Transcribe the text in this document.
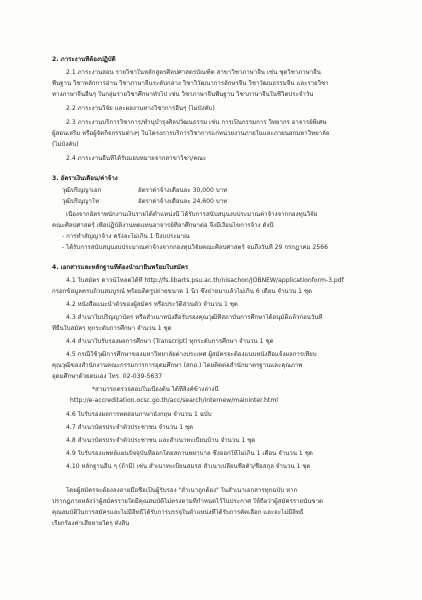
2. ภาระงานที่ต้องปฏิบัติ
2.1 ภาระงานสอน รายวิชาในหลักสูตรศิลปศาสตรบัณฑิต สาขาวิชาภาษาจีน เช่น ชุดวิชาภาษาจีน
พื้นฐาน วิชาหลักการอ่าน วิชาภาษาจีนระดับกลาง วิชาวิวัฒนาการอักษรจีน วิชาวัฒนธรรมจีน และรายวิชา
ทางภาษาจีนอื่นๆ ในกลุ่มรายวิชาศึกษาทั่วไป เช่น วิชาภาษาจีนพื้นฐาน วิชาภาษาจีนในชีวิตประจำวัน
2.2 ภาระงานวิจัย และผลงานทางวิชาการอื่นๆ (ไม่บังคับ)
2.3 ภาระงานบริการวิชาการ/ทำนุบำรุงศิลปวัฒนธรรม เช่น การเป็นกรรมการ วิทยากร อาจารย์พิเศษ
ผู้สอนเสริม หรือผู้จัดกิจกรรมต่างๆ ในโครงการบริการวิชาการแก่หน่วยงานภายในและภายนอกมหาวิทยาลัย
(ไม่บังคับ)
2.4 ภาระงานอื่นที่ได้รับมอบหมายจากสาขาวิชา/คณะ
3. อัตราเงินเดือน/ค่าจ้าง
วุฒิปริญญาเอก	อัตราค่าจ้างเดือนละ 30,000 บาท
วุฒิปริญญาโท	อัตราค่าจ้างเดือนละ 24,600 บาท
เนื่องจากอัตราพนักงานเงินรายได้ตำแหน่งนี้ ได้รับการสนับสนุนงบประมาณค่าจ้างจากกองทุนวิจัย
คณะศิลปศาสตร์ เพื่อปฏิบัติงานทดแทนอาจารย์ที่ลาศึกษาต่อ จึงมีเงื่อนไขการจ้าง ดังนี้
- การทำสัญญาจ้าง ครั้งละไม่เกิน 1 ปีงบประมาณ
- ได้รับการสนับสนุนงบประมาณค่าจ้างจากกองทุนวิจัยคณะศิลปศาสตร์ จนถึงวันที่ 29 กรกฎาคม 2566
4. เอกสารและหลักฐานที่ต้องนำมายื่นพร้อมใบสมัคร
4.1 ใบสมัคร ดาวน์โหลดได้ที่ http://fs.libarts.psu.ac.th/nisachon/JOBNEW/applicationform-3.pdf
กรอกข้อมูลครบถ้วนสมบูรณ์ พร้อมติดรูปถ่ายขนาด 1 นิ้ว ซึ่งถ่ายมาแล้วไม่เกิน 6 เดือน จำนวน 1 ชุด
4.2 หนังสือแนะนำตัวของผู้สมัคร หรือประวัติส่วนตัว จำนวน 1 ชุด
4.3 สำเนาใบปริญญาบัตร หรือสำเนาหนังสือรับรองคุณวุฒิที่สถาบันการศึกษาได้อนุมัติแล้วก่อนวันที่
ที่ยื่นใบสมัคร ทุกระดับการศึกษา จำนวน 1 ชุด
4.4 สำเนาใบรับรองผลการศึกษา (Transcript) ทุกระดับการศึกษา จำนวน 1 ชุด
4.5 กรณีใช้วุฒิการศึกษาของมหาวิทยาลัยต่างประเทศ ผู้สมัครจะต้องแนบหนังสือแจ้งผลการเทียบ
คุณวุฒิของสำนักงานคณะกรรมการการอุดมศึกษา (สกอ.) โดยติดต่อสำนักมาตรฐานและคุณภาพ
อุดมศึกษาด้วยตนเอง โทร. 02-039-5637
*สามารถตรวจสอบในเบื้องต้น ได้ที่ลิงค์ข้างล่างนี้
http://e-accreditation.ocsc.go.th/acc/search/internew/maininter.html
4.6 ใบรับรองผลการทดสอบภาษาอังกฤษ จำนวน 1 ฉบับ
4.7 สำเนาบัตรประจำตัวประชาชน จำนวน 1 ชุด
4.8 สำเนาบัตรประจำตัวประชาชน และสำเนาทะเบียนบ้าน จำนวน 1 ชุด
4.9 ใบรับรองแพทย์แผนปัจจุบันที่ออกโดยสถานพยาบาล ซึ่งออกให้ไม่เกิน 1 เดือน จำนวน 1 ชุด
4.10 หลักฐานอื่น ๆ (ถ้ามี) เช่น สำเนาทะเบียนสมรส สำเนาเปลี่ยนชื่อตัว/ชื่อสกุล จำนวน 1 ชุด
โดยผู้สมัครจะต้องลงลายมือชื่อเป็นผู้รับรอง "สำเนาถูกต้อง" ในสำเนาเอกสารทุกฉบับ หาก
ปรากฏภายหลังว่าผู้สมัครรายใดมีคุณสมบัติไม่ตรงตามที่กำหนดไว้ในประกาศ ให้ถือว่าผู้สมัครรายนั้นขาด
คุณสมบัติในการสมัครและไม่มีสิทธิ์ได้รับการบรรจุในตำแหน่งที่ได้รับการคัดเลือก และจะไม่มีสิทธิ์
เรียกร้องค่าเสียหายใดๆ ทั้งสิ้น
